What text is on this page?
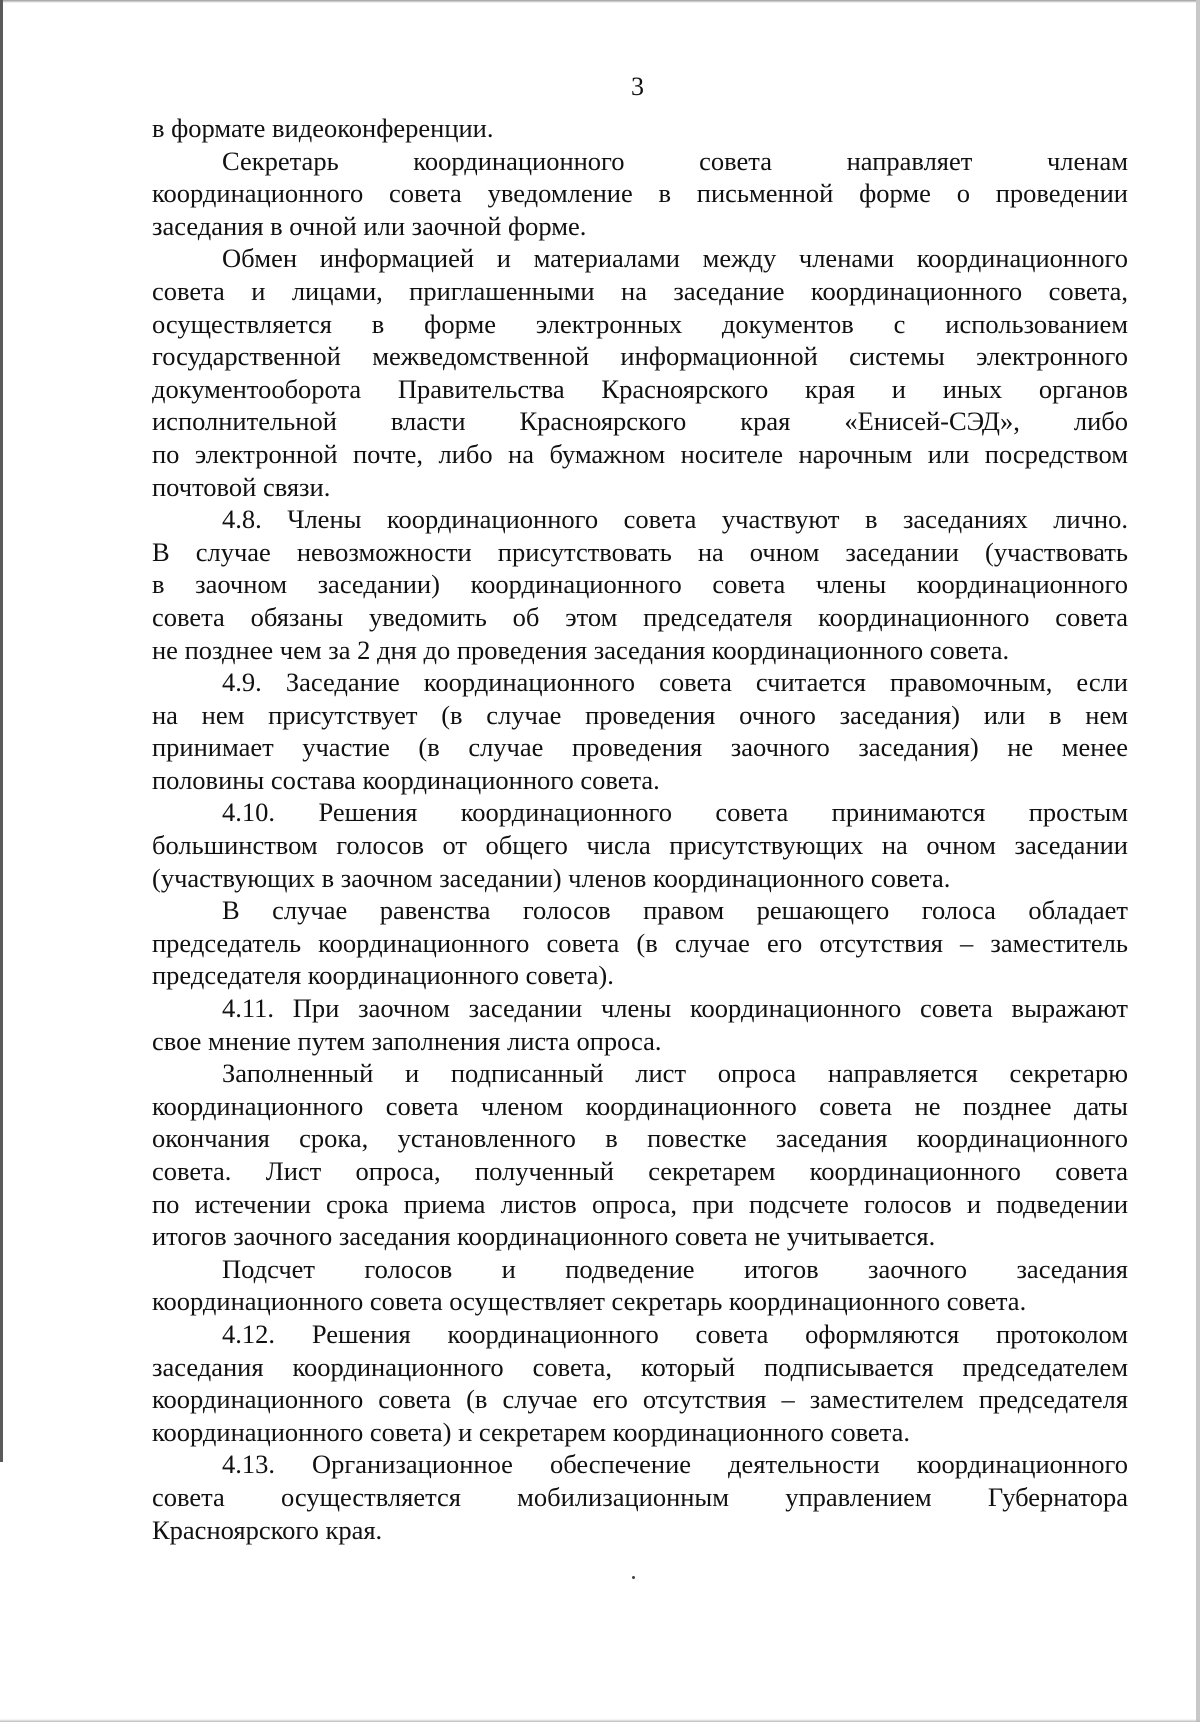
3
в формате видеоконференции.
Секретарь координационного совета направляет членам
координационного совета уведомление в письменной форме о проведении
заседания в очной или заочной форме.
Обмен информацией и материалами между членами координационного
совета и лицами, приглашенными на заседание координационного совета,
осуществляется в форме электронных документов с использованием
государственной межведомственной информационной системы электронного
документооборота Правительства Красноярского края и иных органов
исполнительной власти Красноярского края «Енисей-СЭД», либо
по электронной почте, либо на бумажном носителе нарочным или посредством
почтовой связи.
4.8. Члены координационного совета участвуют в заседаниях лично.
В случае невозможности присутствовать на очном заседании (участвовать
в заочном заседании) координационного совета члены координационного
совета обязаны уведомить об этом председателя координационного совета
не позднее чем за 2 дня до проведения заседания координационного совета.
4.9. Заседание координационного совета считается правомочным, если
на нем присутствует (в случае проведения очного заседания) или в нем
принимает участие (в случае проведения заочного заседания) не менее
половины состава координационного совета.
4.10. Решения координационного совета принимаются простым
большинством голосов от общего числа присутствующих на очном заседании
(участвующих в заочном заседании) членов координационного совета.
В случае равенства голосов правом решающего голоса обладает
председатель координационного совета (в случае его отсутствия – заместитель
председателя координационного совета).
4.11. При заочном заседании члены координационного совета выражают
свое мнение путем заполнения листа опроса.
Заполненный и подписанный лист опроса направляется секретарю
координационного совета членом координационного совета не позднее даты
окончания срока, установленного в повестке заседания координационного
совета. Лист опроса, полученный секретарем координационного совета
по истечении срока приема листов опроса, при подсчете голосов и подведении
итогов заочного заседания координационного совета не учитывается.
Подсчет голосов и подведение итогов заочного заседания
координационного совета осуществляет секретарь координационного совета.
4.12. Решения координационного совета оформляются протоколом
заседания координационного совета, который подписывается председателем
координационного совета (в случае его отсутствия – заместителем председателя
координационного совета) и секретарем координационного совета.
4.13. Организационное обеспечение деятельности координационного
совета осуществляется мобилизационным управлением Губернатора
Красноярского края.
